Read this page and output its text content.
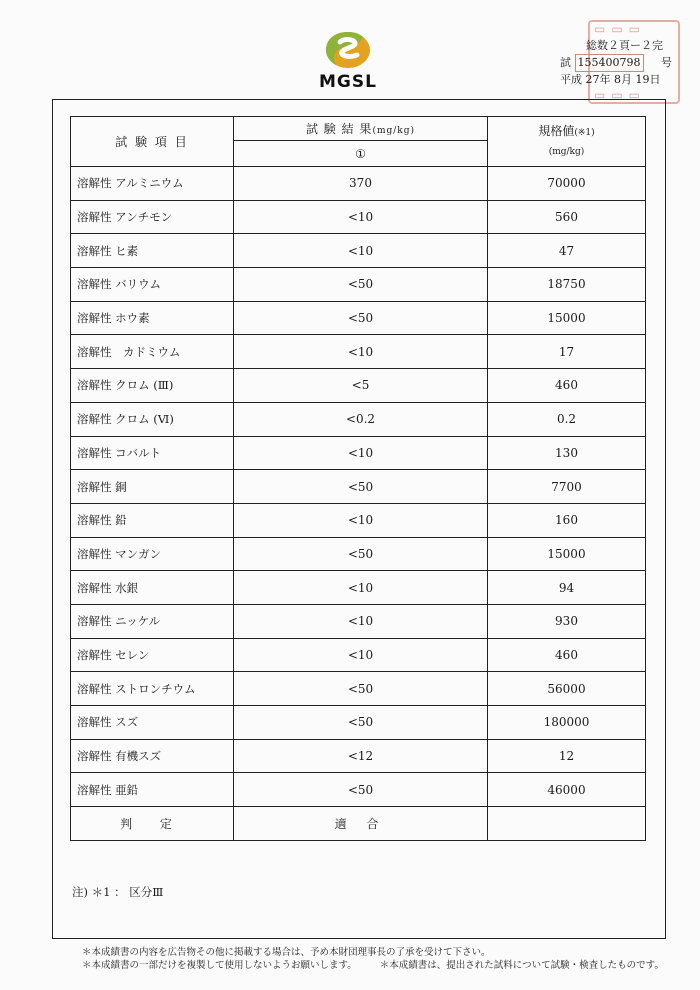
MGSL
▭▭▭
▭▭▭
総数２頁ー２完
試 155400798 号
平成 27年 8月 19日
試 験 項 目	試 験 結 果(mg/kg)	規格値(※1)
(mg/kg)
	①	
溶解性 アルミニウム	370	70000
溶解性 アンチモン	<10	560
溶解性 ヒ素	<10	47
溶解性 バリウム	<50	18750
溶解性 ホウ素	<50	15000
溶解性　カドミウム	<10	17
溶解性 クロム (Ⅲ)	<5	460
溶解性 クロム (Ⅵ)	<0.2	0.2
溶解性 コバルト	<10	130
溶解性 銅	<50	7700
溶解性 鉛	<10	160
溶解性 マンガン	<50	15000
溶解性 水銀	<10	94
溶解性 ニッケル	<10	930
溶解性 セレン	<10	460
溶解性 ストロンチウム	<50	56000
溶解性 スズ	<50	180000
溶解性 有機スズ	<12	12
溶解性 亜鉛	<50	46000
判 定	適 合	
注) ＊1 ： 区分Ⅲ
＊本成績書の内容を広告物その他に掲載する場合は、予め本財団理事長の了承を受けて下さい。
＊本成績書の一部だけを複製して使用しないようお願いします。 ＊本成績書は、提出された試料について試験・検査したものです。
